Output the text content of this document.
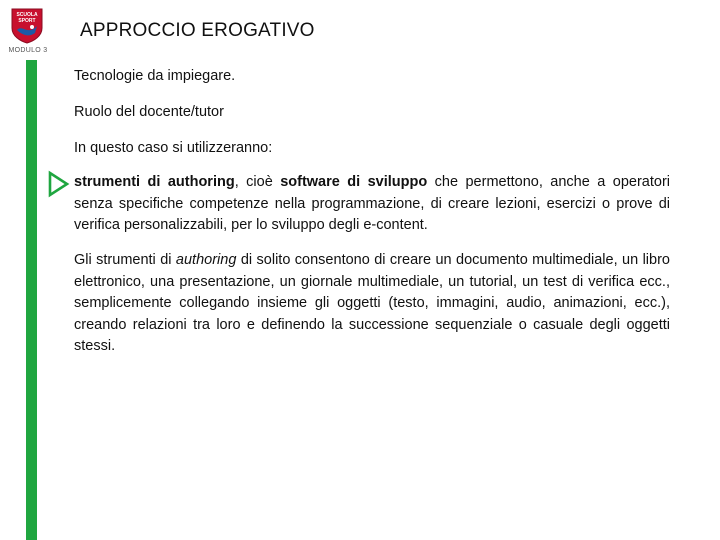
SCUOLA
SPORT
MODULO 3
APPROCCIO EROGATIVO
Tecnologie da impiegare.
Ruolo del docente/tutor
In questo caso si utilizzeranno:

strumenti di authoring, cioè software di sviluppo che permettono, anche a operatori senza specifiche competenze nella programmazione, di creare lezioni, esercizi o prove di verifica personalizzabili, per lo sviluppo degli e-content.

Gli strumenti di authoring di solito consentono di creare un documento multimediale, un libro elettronico, una presentazione, un giornale multimediale, un tutorial, un test di verifica ecc., semplicemente collegando insieme gli oggetti (testo, immagini, audio, animazioni, ecc.), creando relazioni tra loro e definendo la successione sequenziale o casuale degli oggetti stessi.
